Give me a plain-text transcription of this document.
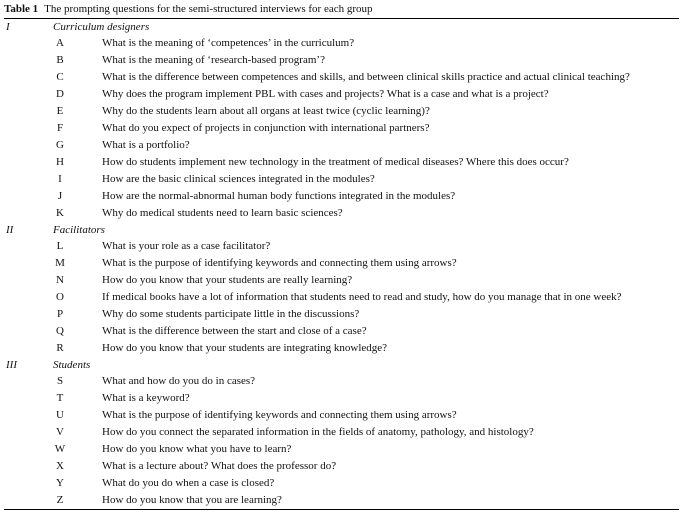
Table 1 The prompting questions for the semi-structured interviews for each group
I	Curriculum designers
A	What is the meaning of ‘competences’ in the curriculum?
B	What is the meaning of ‘research-based program’?
C	What is the difference between competences and skills, and between clinical skills practice and actual clinical teaching?
D	Why does the program implement PBL with cases and projects? What is a case and what is a project?
E	Why do the students learn about all organs at least twice (cyclic learning)?
F	What do you expect of projects in conjunction with international partners?
G	What is a portfolio?
H	How do students implement new technology in the treatment of medical diseases? Where this does occur?
I	How are the basic clinical sciences integrated in the modules?
J	How are the normal-abnormal human body functions integrated in the modules?
K	Why do medical students need to learn basic sciences?
II	Facilitators
L	What is your role as a case facilitator?
M	What is the purpose of identifying keywords and connecting them using arrows?
N	How do you know that your students are really learning?
O	If medical books have a lot of information that students need to read and study, how do you manage that in one week?
P	Why do some students participate little in the discussions?
Q	What is the difference between the start and close of a case?
R	How do you know that your students are integrating knowledge?
III	Students
S	What and how do you do in cases?
T	What is a keyword?
U	What is the purpose of identifying keywords and connecting them using arrows?
V	How do you connect the separated information in the fields of anatomy, pathology, and histology?
W	How do you know what you have to learn?
X	What is a lecture about? What does the professor do?
Y	What do you do when a case is closed?
Z	How do you know that you are learning?
